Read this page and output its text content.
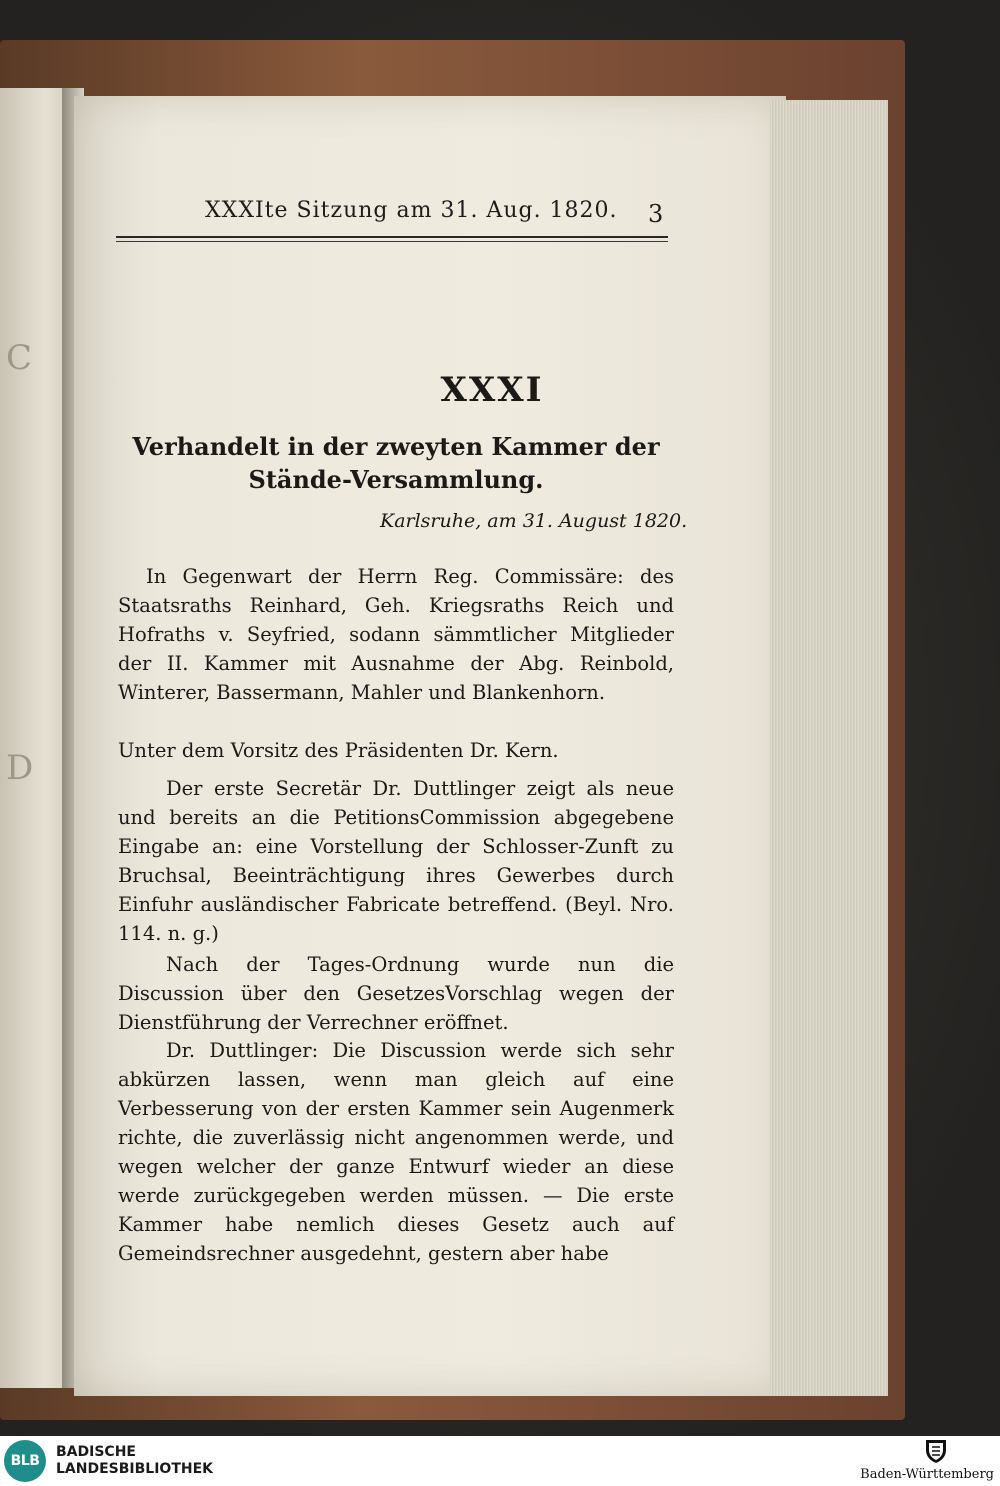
C
D
XXXIte Sitzung am 31. Aug. 1820. 3
XXXI
Verhandelt in der zweyten Kammer der Stände-Versammlung.
Karlsruhe, am 31. August 1820.

In Gegenwart der Herrn Reg. Commissäre: des Staatsraths Reinhard, Geh. Kriegsraths Reich und Hofraths v. Seyfried, sodann sämmtlicher Mitglieder der II. Kammer mit Ausnahme der Abg. Reinbold, Winterer, Bassermann, Mahler und Blankenhorn.

Unter dem Vorsitz des Präsidenten Dr. Kern.

Der erste Secretär Dr. Duttlinger zeigt als neue und bereits an die PetitionsCommission abgegebene Eingabe an: eine Vorstellung der Schlosser-Zunft zu Bruchsal, Beeinträchtigung ihres Gewerbes durch Einfuhr ausländischer Fabricate betreffend. (Beyl. Nro. 114. n. g.)

Nach der Tages-Ordnung wurde nun die Discussion über den GesetzesVorschlag wegen der Dienstführung der Verrechner eröffnet.

Dr. Duttlinger: Die Discussion werde sich sehr abkürzen lassen, wenn man gleich auf eine Verbesserung von der ersten Kammer sein Augenmerk richte, die zuverlässig nicht angenommen werde, und wegen welcher der ganze Entwurf wieder an diese werde zurückgegeben werden müssen. — Die erste Kammer habe nemlich dieses Gesetz auch auf Gemeindsrechner ausgedehnt, gestern aber habe

BLB
BADISCHE
LANDESBIBLIOTHEK	Baden-Württemberg
